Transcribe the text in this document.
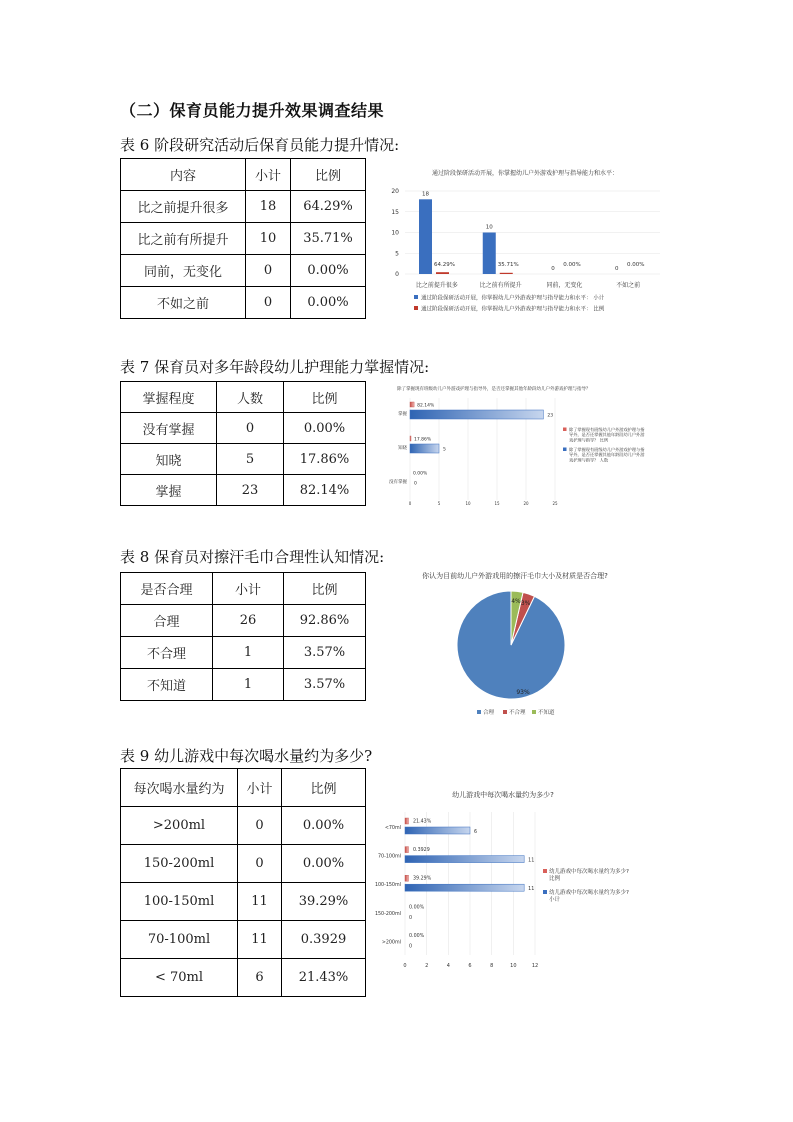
（二）保育员能力提升效果调查结果
表 6 阶段研究活动后保育员能力提升情况:
内容	小计	比例
比之前提升很多	18	64.29%
比之前有所提升	10	35.71%
同前，无变化	0	0.00%
不如之前	0	0.00%
通过阶段保研活动开展，你掌握幼儿户外游戏护理与指导能力和水平：
0
5
10
15
20
比之前提升很多
18
64.29%
比之前有所提升
10
35.71%
同前，无变化
0
0.00%
不如之前
0
0.00%
通过阶段保研活动开展，你掌握幼儿户外游戏护理与指导能力和水平： 小计
通过阶段保研活动开展，你掌握幼儿户外游戏护理与指导能力和水平： 比例
表 7 保育员对多年龄段幼儿护理能力掌握情况:
掌握程度	人数	比例
没有掌握	0	0.00%
知晓	5	17.86%
掌握	23	82.14%
除了掌握现有班级幼儿户外游戏护理与指导外，是否还掌握其他年龄段幼儿户外游戏护理与指导？
0	5	10	15	20	25
掌握
82.14%
23
知晓
17.86%
5
没有掌握
0.00%
0
除了掌握现有班级幼儿户外游戏护理与指导外，是否还掌握其他年龄段幼儿户外游戏护理与指导？ 比例
除了掌握现有班级幼儿户外游戏护理与指导外，是否还掌握其他年龄段幼儿户外游戏护理与指导？ 人数
表 8 保育员对擦汗毛巾合理性认知情况:
是否合理	小计	比例
合理	26	92.86%
不合理	1	3.57%
不知道	1	3.57%
你认为目前幼儿户外游戏用的擦汗毛巾大小及材质是否合理?
93%
3%
4%
合理	不合理 不知道
表 9 幼儿游戏中每次喝水量约为多少?
每次喝水量约为	小计	比例
>200ml	0	0.00%
150-200ml	0	0.00%
100-150ml	11	39.29%
70-100ml	11	0.3929
< 70ml	6	21.43%
幼儿游戏中每次喝水量约为多少?
0	2	4	6	8	10	12
<70ml
21.43%
6
70-100ml
0.3929
11
100-150ml
39.29%
11
150-200ml
0.00%
0
>200ml
0.00%
0
幼儿游戏中每次喝水量约为多少?比例
幼儿游戏中每次喝水量约为多少?小计
